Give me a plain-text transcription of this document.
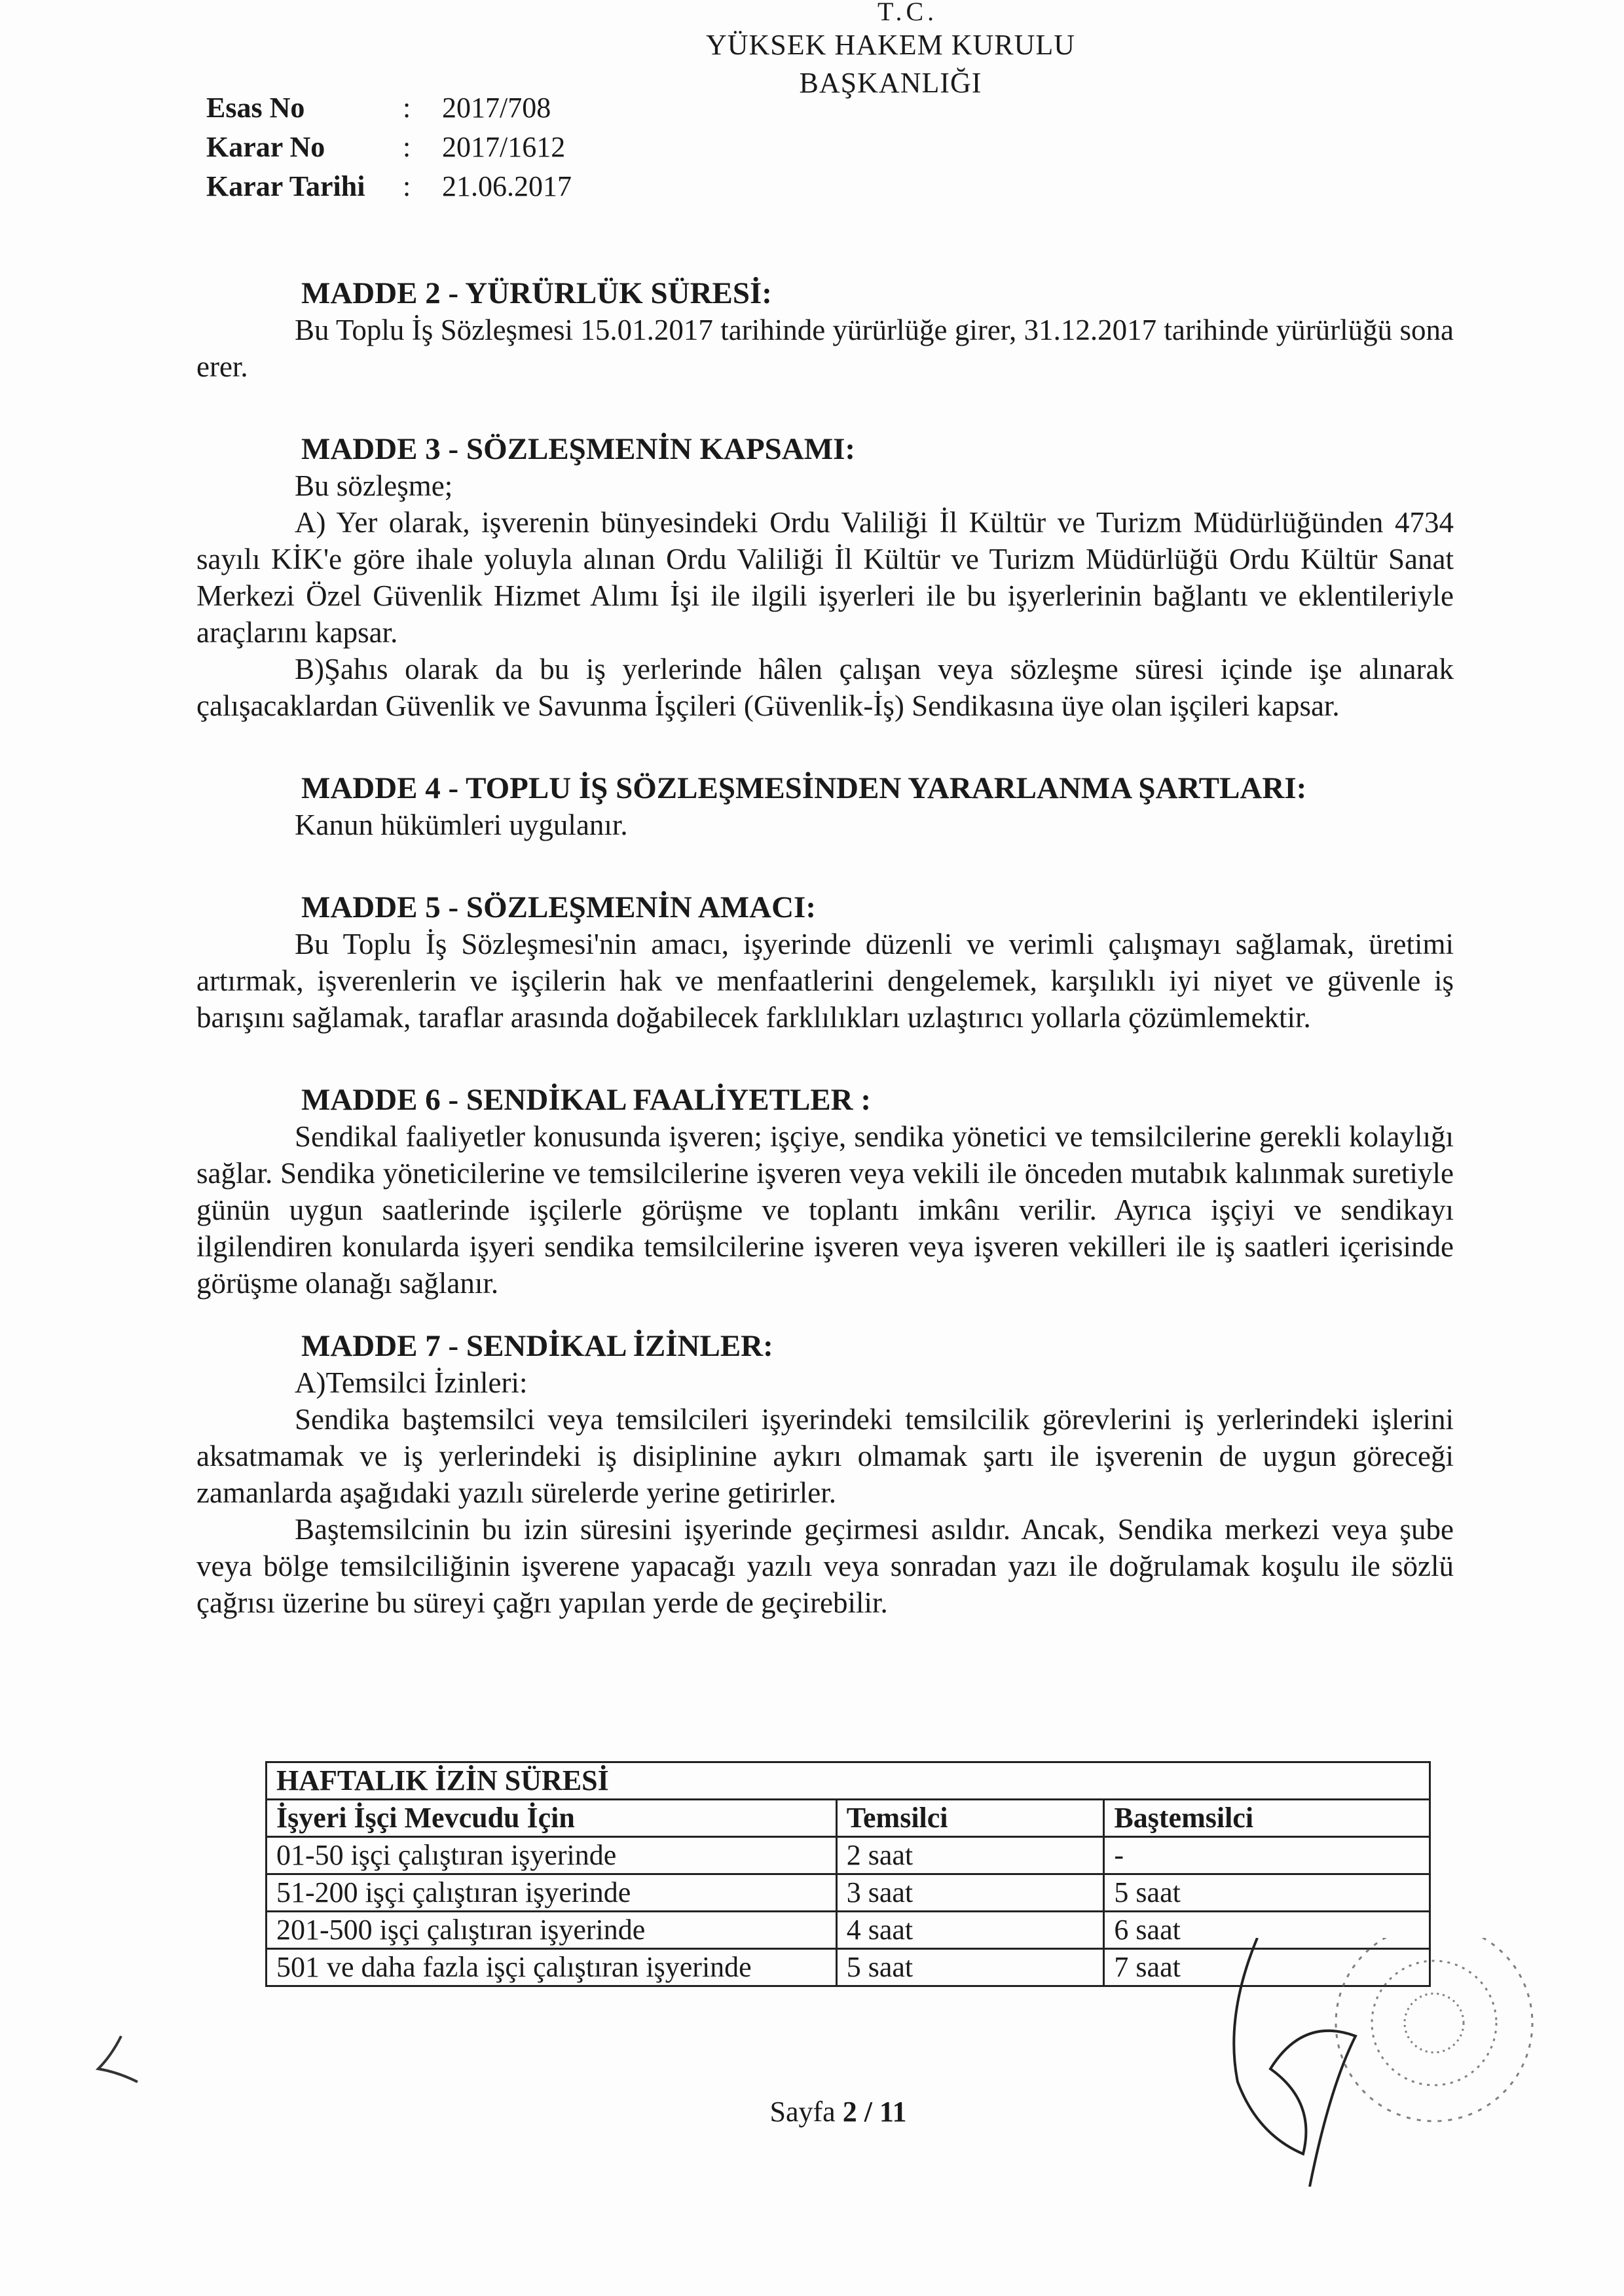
T.C.
YÜKSEK HAKEM KURULU
BAŞKANLIĞI
Esas No	:	2017/708
Karar No	:	2017/1612
Karar Tarihi	:	21.06.2017

MADDE 2 - YÜRÜRLÜK SÜRESİ:

Bu Toplu İş Sözleşmesi 15.01.2017 tarihinde yürürlüğe girer, 31.12.2017 tarihinde yürürlüğü sona erer.

MADDE 3 - SÖZLEŞMENİN KAPSAMI:

Bu sözleşme;

A) Yer olarak, işverenin bünyesindeki Ordu Valiliği İl Kültür ve Turizm Müdürlüğünden 4734 sayılı KİK'e göre ihale yoluyla alınan Ordu Valiliği İl Kültür ve Turizm Müdürlüğü Ordu Kültür Sanat Merkezi Özel Güvenlik Hizmet Alımı İşi ile ilgili işyerleri ile bu işyerlerinin bağlantı ve eklentileriyle araçlarını kapsar.

B)Şahıs olarak da bu iş yerlerinde hâlen çalışan veya sözleşme süresi içinde işe alınarak çalışacaklardan Güvenlik ve Savunma İşçileri (Güvenlik-İş) Sendikasına üye olan işçileri kapsar.

MADDE 4 - TOPLU İŞ SÖZLEŞMESİNDEN YARARLANMA ŞARTLARI:

Kanun hükümleri uygulanır.

MADDE 5 - SÖZLEŞMENİN AMACI:

Bu Toplu İş Sözleşmesi'nin amacı, işyerinde düzenli ve verimli çalışmayı sağlamak, üretimi artırmak, işverenlerin ve işçilerin hak ve menfaatlerini dengelemek, karşılıklı iyi niyet ve güvenle iş barışını sağlamak, taraflar arasında doğabilecek farklılıkları uzlaştırıcı yollarla çözümlemektir.

MADDE 6 - SENDİKAL FAALİYETLER :

Sendikal faaliyetler konusunda işveren; işçiye, sendika yönetici ve temsilcilerine gerekli kolaylığı sağlar. Sendika yöneticilerine ve temsilcilerine işveren veya vekili ile önceden mutabık kalınmak suretiyle günün uygun saatlerinde işçilerle görüşme ve toplantı imkânı verilir. Ayrıca işçiyi ve sendikayı ilgilendiren konularda işyeri sendika temsilcilerine işveren veya işveren vekilleri ile iş saatleri içerisinde görüşme olanağı sağlanır.

MADDE 7 - SENDİKAL İZİNLER:

A)Temsilci İzinleri:

Sendika baştemsilci veya temsilcileri işyerindeki temsilcilik görevlerini iş yerlerindeki işlerini aksatmamak ve iş yerlerindeki iş disiplinine aykırı olmamak şartı ile işverenin de uygun göreceği zamanlarda aşağıdaki yazılı sürelerde yerine getirirler.

Baştemsilcinin bu izin süresini işyerinde geçirmesi asıldır. Ancak, Sendika merkezi veya şube veya bölge temsilciliğinin işverene yapacağı yazılı veya sonradan yazı ile doğrulamak koşulu ile sözlü çağrısı üzerine bu süreyi çağrı yapılan yerde de geçirebilir.

HAFTALIK İZİN SÜRESİ		
İşyeri İşçi Mevcudu İçin	Temsilci	Baştemsilci
01-50 işçi çalıştıran işyerinde	2 saat	-
51-200 işçi çalıştıran işyerinde	3 saat	5 saat
201-500 işçi çalıştıran işyerinde	4 saat	6 saat
501 ve daha fazla işçi çalıştıran işyerinde	5 saat	7 saat
Sayfa 2 / 11
